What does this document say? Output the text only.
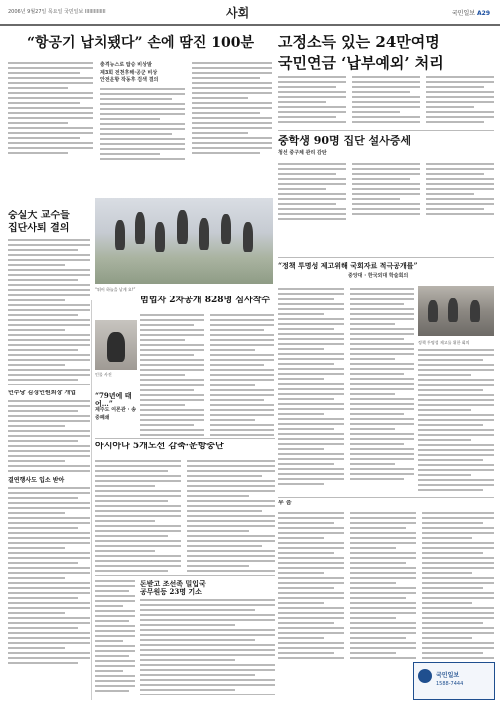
2006년 9월27일 목요일 국민일보 IIIIIIIIIIIIII	사회	국민일보 A29
“항공기 납치됐다” 손에 땀진 100분
충격뉴스로 탑승 비상발
제3회 전천후해·공군 비상
안전운항 작동후 검색 결의
고정소득 있는 24만여명
국민연금 ‘납부예외’ 처리
중학생 90명 집단 설사증세
청선 중구체 관리 감탄
숭실大 교수들
집단사퇴 결의
“뛰어 하늘을 날게 요!”
“정책 투명성 제고위해 국회자료 적극공개를”
중앙대 · 한국외대 학술회의
정책 투명성 제고를 위한 회의
민주당 김경인원회장 개업
결연행사도 입소 받아
범법자 2차공개 828명 심사착수
인물 사진
“79년에 태어…”
제주도 여론관 · 송중폐쇄
아시아나 5개노선 감축·운항중단
돈받고 조선족 밀입국
공무원등 23명 기소
부 음
국민일보
1588-7444
